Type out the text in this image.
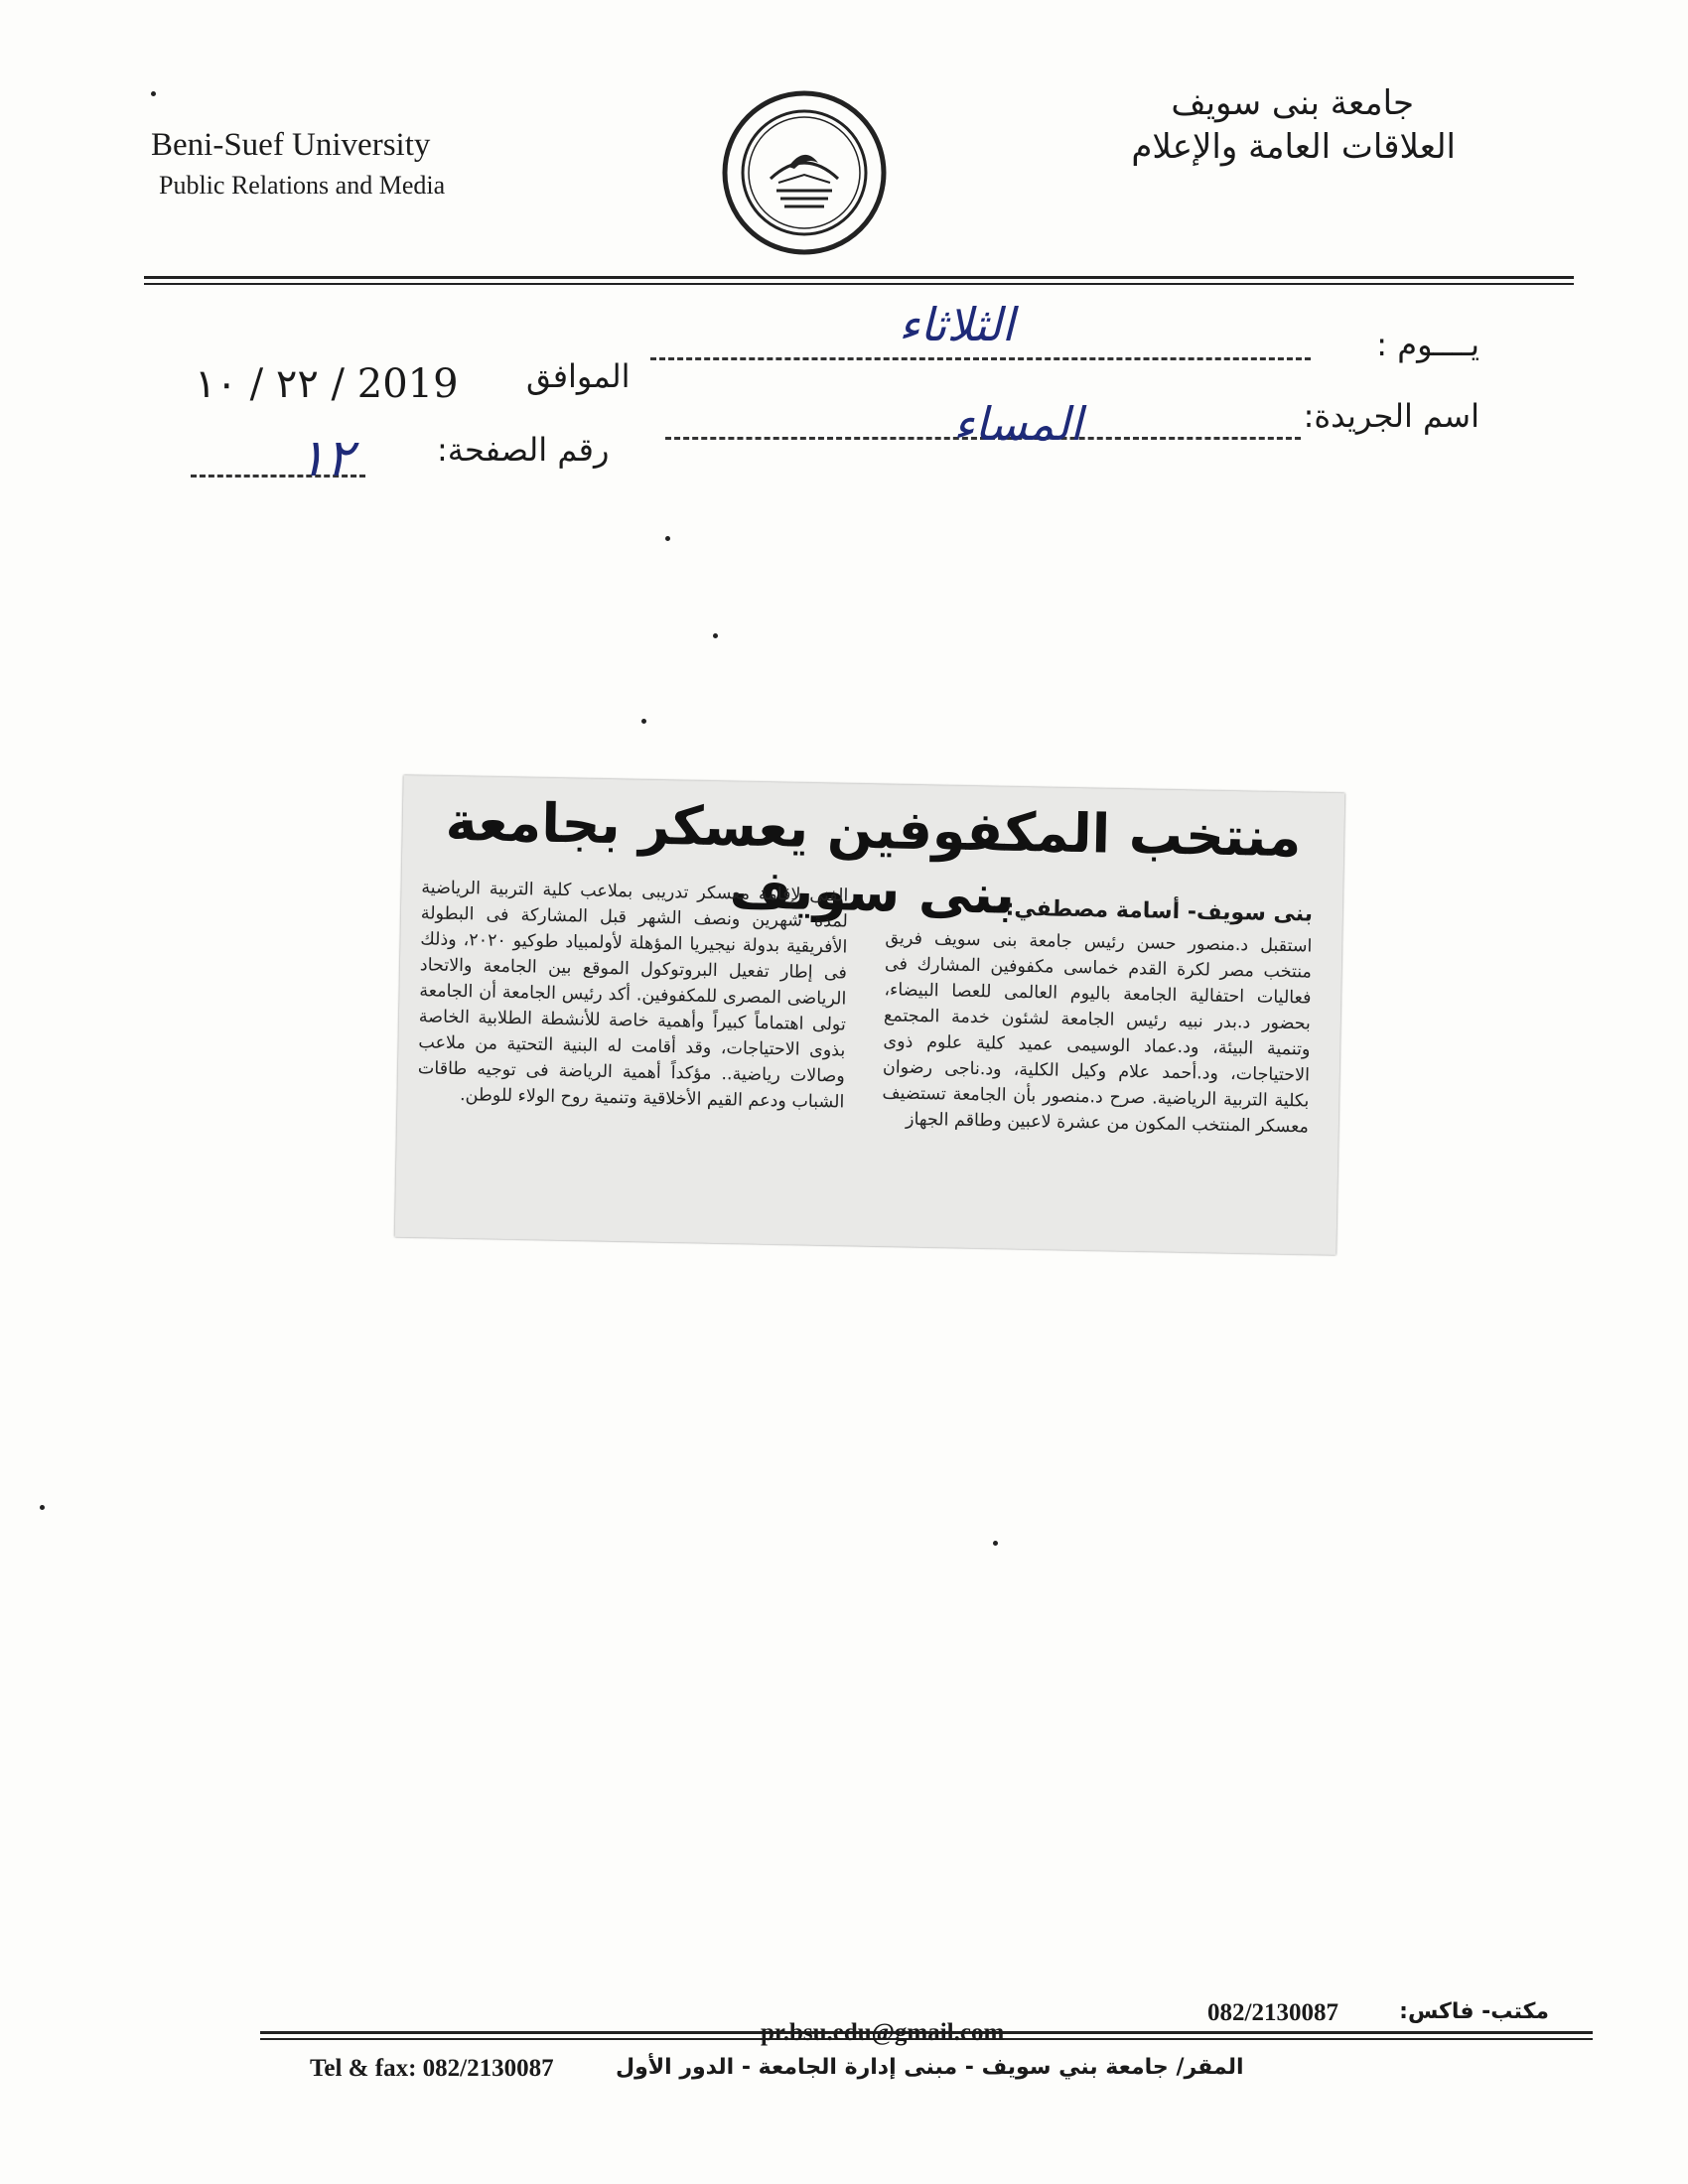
Beni-Suef University
Public Relations and Media
جامعة بنى سويف
العلاقات العامة والإعلام
يــــوم :
الثلاثاء
الموافق
٢٢ / ١٠ / 2019
اسم الجريدة:
المساء
رقم الصفحة:
١٢
منتخب المكفوفين يعسكر بجامعة بنى سويف
بنى سويف- أسامة مصطفي:
استقبل د.منصور حسن رئيس جامعة بنى سويف فريق منتخب مصر لكرة القدم خماسى مكفوفين المشارك فى فعاليات احتفالية الجامعة باليوم العالمى للعصا البيضاء، بحضور د.بدر نبيه رئيس الجامعة لشئون خدمة المجتمع وتنمية البيئة، ود.عماد الوسيمى عميد كلية علوم ذوى الاحتياجات، ود.أحمد علام وكيل الكلية، ود.ناجى رضوان بكلية التربية الرياضية. صرح د.منصور بأن الجامعة تستضيف معسكر المنتخب المكون من عشرة لاعبين وطاقم الجهاز
الفنى لإقامة معسكر تدريبى بملاعب كلية التربية الرياضية لمدة شهرين ونصف الشهر قبل المشاركة فى البطولة الأفريقية بدولة نيجيريا المؤهلة لأولمبياد طوكيو ٢٠٢٠، وذلك فى إطار تفعيل البروتوكول الموقع بين الجامعة والاتحاد الرياضى المصرى للمكفوفين. أكد رئيس الجامعة أن الجامعة تولى اهتماماً كبيراً وأهمية خاصة للأنشطة الطلابية الخاصة بذوى الاحتياجات، وقد أقامت له البنية التحتية من ملاعب وصالات رياضية.. مؤكداً أهمية الرياضة فى توجيه طاقات الشباب ودعم القيم الأخلاقية وتنمية روح الولاء للوطن.
مكتب- فاكس:
082/2130087
pr.bsu.edu@gmail.com
Tel & fax: 082/2130087	المقر/ جامعة بني سويف - مبنى إدارة الجامعة - الدور الأول
